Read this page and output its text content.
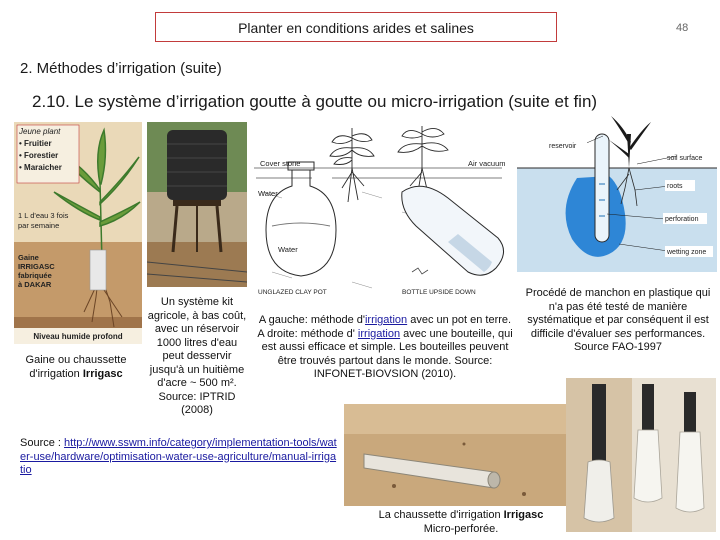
Planter en conditions arides et salines	48
2. Méthodes d’irrigation (suite)
2.10. Le système d’irrigation goutte à goutte ou micro-irrigation (suite et fin)
Jeune plant
• Fruitier
• Forestier
• Maraicher
1 L d'eau 3 fois
par semaine
Gaine
IRRIGASC
fabriquée
à DAKAR
Niveau humide profond
Gaine ou chaussette d'irrigation Irrigasc
Un système kit agricole, à bas coût, avec un réservoir 1000 litres d'eau peut desservir jusqu'à un huitième d'acre ~ 500 m². Source: IPTRID (2008)
Cover stone
Water
Air vacuum
Water
UNGLAZED CLAY POT	BOTTLE UPSIDE DOWN
A gauche: méthode d'irrigation avec un pot en terre. A droite: méthode d' irrigation avec une bouteille, qui est aussi efficace et simple. Les bouteilles peuvent être trouvés partout dans le monde. Source: INFONET-BIOVSION (2010).
reservoir
soil surface
roots
perforation
wetting zone
Procédé de manchon en plastique qui n'a pas été testé de manière systématique et par conséquent il est difficile d'évaluer ses performances. Source FAO-1997
Source : http://www.sswm.info/category/implementation-tools/water-use/hardware/optimisation-water-use-agriculture/manual-irrigatio
La chaussette d'irrigation Irrigasc
Micro-perforée.
